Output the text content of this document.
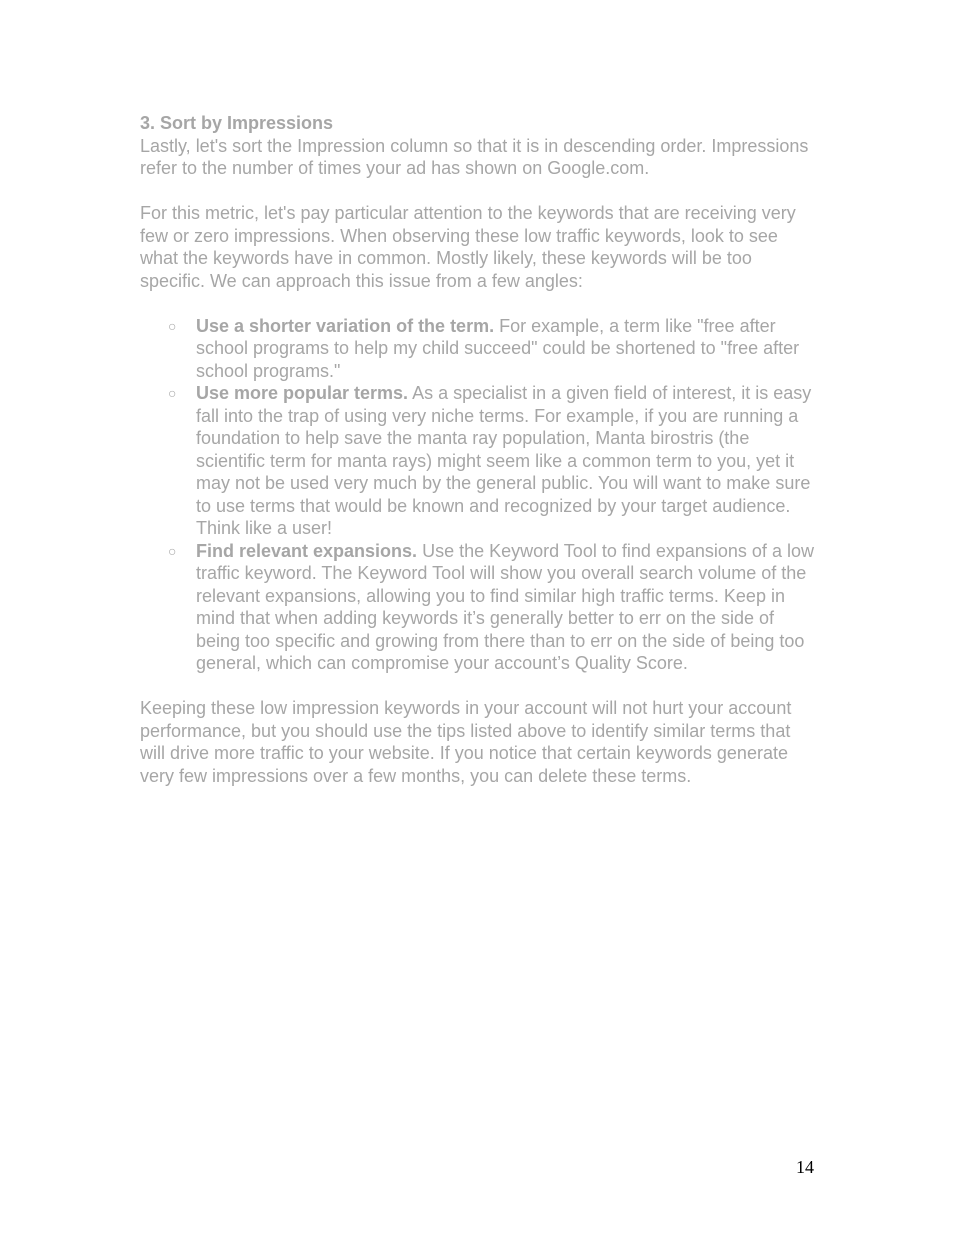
3. Sort by Impressions

Lastly, let's sort the Impression column so that it is in descending order. Impressions refer to the number of times your ad has shown on Google.com.

For this metric, let's pay particular attention to the keywords that are receiving very few or zero impressions. When observing these low traffic keywords, look to see what the keywords have in common. Mostly likely, these keywords will be too specific. We can approach this issue from a few angles:

○ Use a shorter variation of the term. For example, a term like "free after school programs to help my child succeed" could be shortened to "free after school programs."
○ Use more popular terms. As a specialist in a given field of interest, it is easy fall into the trap of using very niche terms. For example, if you are running a foundation to help save the manta ray population, Manta birostris (the scientific term for manta rays) might seem like a common term to you, yet it may not be used very much by the general public. You will want to make sure to use terms that would be known and recognized by your target audience. Think like a user!
○ Find relevant expansions. Use the Keyword Tool to find expansions of a low traffic keyword. The Keyword Tool will show you overall search volume of the relevant expansions, allowing you to find similar high traffic terms. Keep in mind that when adding keywords it’s generally better to err on the side of being too specific and growing from there than to err on the side of being too general, which can compromise your account’s Quality Score.

Keeping these low impression keywords in your account will not hurt your account performance, but you should use the tips listed above to identify similar terms that will drive more traffic to your website. If you notice that certain keywords generate very few impressions over a few months, you can delete these terms.

14
